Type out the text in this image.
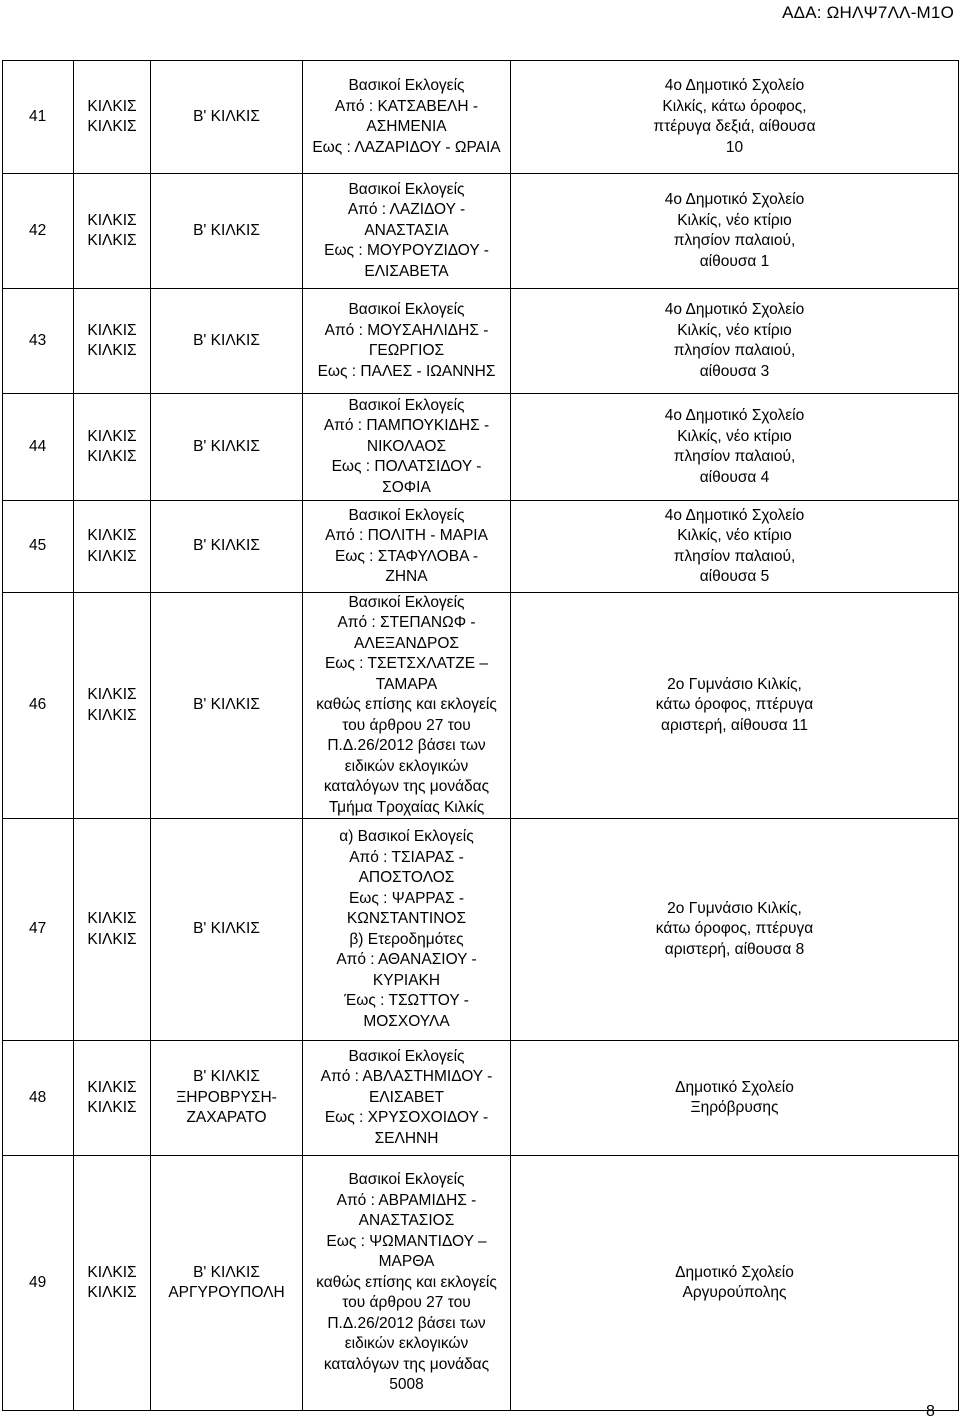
ΑΔΑ: ΩΗΛΨ7ΛΛ-Μ1Ο
41
ΚΙΛΚΙΣ
ΚΙΛΚΙΣ
Β' ΚΙΛΚΙΣ
Βασικοί Εκλογείς
Από : ΚΑΤΣΑΒΕΛΗ -
ΑΣΗΜΕΝΙΑ
Εως : ΛΑΖΑΡΙΔΟΥ - ΩΡΑΙΑ
4ο Δημοτικό Σχολείο
Κιλκίς, κάτω όροφος,
πτέρυγα δεξιά, αίθουσα
10
42
ΚΙΛΚΙΣ
ΚΙΛΚΙΣ
Β' ΚΙΛΚΙΣ
Βασικοί Εκλογείς
Από : ΛΑΖΙΔΟΥ -
ΑΝΑΣΤΑΣΙΑ
Εως : ΜΟΥΡΟΥΖΙΔΟΥ -
ΕΛΙΣΑΒΕΤΑ
4ο Δημοτικό Σχολείο
Κιλκίς, νέο κτίριο
πλησίον παλαιού,
αίθουσα 1
43
ΚΙΛΚΙΣ
ΚΙΛΚΙΣ
Β' ΚΙΛΚΙΣ
Βασικοί Εκλογείς
Από : ΜΟΥΣΑΗΛΙΔΗΣ -
ΓΕΩΡΓΙΟΣ
Εως : ΠΑΛΕΣ - ΙΩΑΝΝΗΣ
4ο Δημοτικό Σχολείο
Κιλκίς, νέο κτίριο
πλησίον παλαιού,
αίθουσα 3
44
ΚΙΛΚΙΣ
ΚΙΛΚΙΣ
Β' ΚΙΛΚΙΣ
Βασικοί Εκλογείς
Από : ΠΑΜΠΟΥΚΙΔΗΣ -
ΝΙΚΟΛΑΟΣ
Εως : ΠΟΛΑΤΣΙΔΟΥ -
ΣΟΦΙΑ
4ο Δημοτικό Σχολείο
Κιλκίς, νέο κτίριο
πλησίον παλαιού,
αίθουσα 4
45
ΚΙΛΚΙΣ
ΚΙΛΚΙΣ
Β' ΚΙΛΚΙΣ
Βασικοί Εκλογείς
Από : ΠΟΛΙΤΗ - ΜΑΡΙΑ
Εως : ΣΤΑΦΥΛΟΒΑ -
ΖΗΝΑ
4ο Δημοτικό Σχολείο
Κιλκίς, νέο κτίριο
πλησίον παλαιού,
αίθουσα 5
46
ΚΙΛΚΙΣ
ΚΙΛΚΙΣ
Β' ΚΙΛΚΙΣ
Βασικοί Εκλογείς
Από : ΣΤΕΠΑΝΩΦ -
ΑΛΕΞΑΝΔΡΟΣ
Εως : ΤΣΕΤΣΧΛΑΤΖΕ –
ΤΑΜΑΡΑ
καθώς επίσης και εκλογείς
του άρθρου 27 του
Π.Δ.26/2012 βάσει των
ειδικών εκλογικών
καταλόγων της μονάδας
Τμήμα Τροχαίας Κιλκίς
2ο Γυμνάσιο Κιλκίς,
κάτω όροφος, πτέρυγα
αριστερή, αίθουσα 11
47
ΚΙΛΚΙΣ
ΚΙΛΚΙΣ
Β' ΚΙΛΚΙΣ
α) Βασικοί Εκλογείς
Από : ΤΣΙΑΡΑΣ -
ΑΠΟΣΤΟΛΟΣ
Εως : ΨΑΡΡΑΣ -
ΚΩΝΣΤΑΝΤΙΝΟΣ
β) Ετεροδημότες
Από : ΑΘΑΝΑΣΙΟΥ -
ΚΥΡΙΑΚΗ
Έως : ΤΣΩΤΤΟΥ -
ΜΟΣΧΟΥΛΑ
2ο Γυμνάσιο Κιλκίς,
κάτω όροφος, πτέρυγα
αριστερή, αίθουσα 8
48
ΚΙΛΚΙΣ
ΚΙΛΚΙΣ
Β' ΚΙΛΚΙΣ
ΞΗΡΟΒΡΥΣΗ-
ΖΑΧΑΡΑΤΟ
Βασικοί Εκλογείς
Από : ΑΒΛΑΣΤΗΜΙΔΟΥ -
ΕΛΙΣΑΒΕΤ
Εως : ΧΡΥΣΟΧΟΙΔΟΥ -
ΣΕΛΗΝΗ
Δημοτικό Σχολείο
Ξηρόβρυσης
49
ΚΙΛΚΙΣ
ΚΙΛΚΙΣ
Β' ΚΙΛΚΙΣ
ΑΡΓΥΡΟΥΠΟΛΗ
Βασικοί Εκλογείς
Από : ΑΒΡΑΜΙΔΗΣ -
ΑΝΑΣΤΑΣΙΟΣ
Εως : ΨΩΜΑΝΤΙΔΟΥ –
ΜΑΡΘΑ
καθώς επίσης και εκλογείς
του άρθρου 27 του
Π.Δ.26/2012 βάσει των
ειδικών εκλογικών
καταλόγων της μονάδας
5008
Δημοτικό Σχολείο
Αργυρούπολης
8
